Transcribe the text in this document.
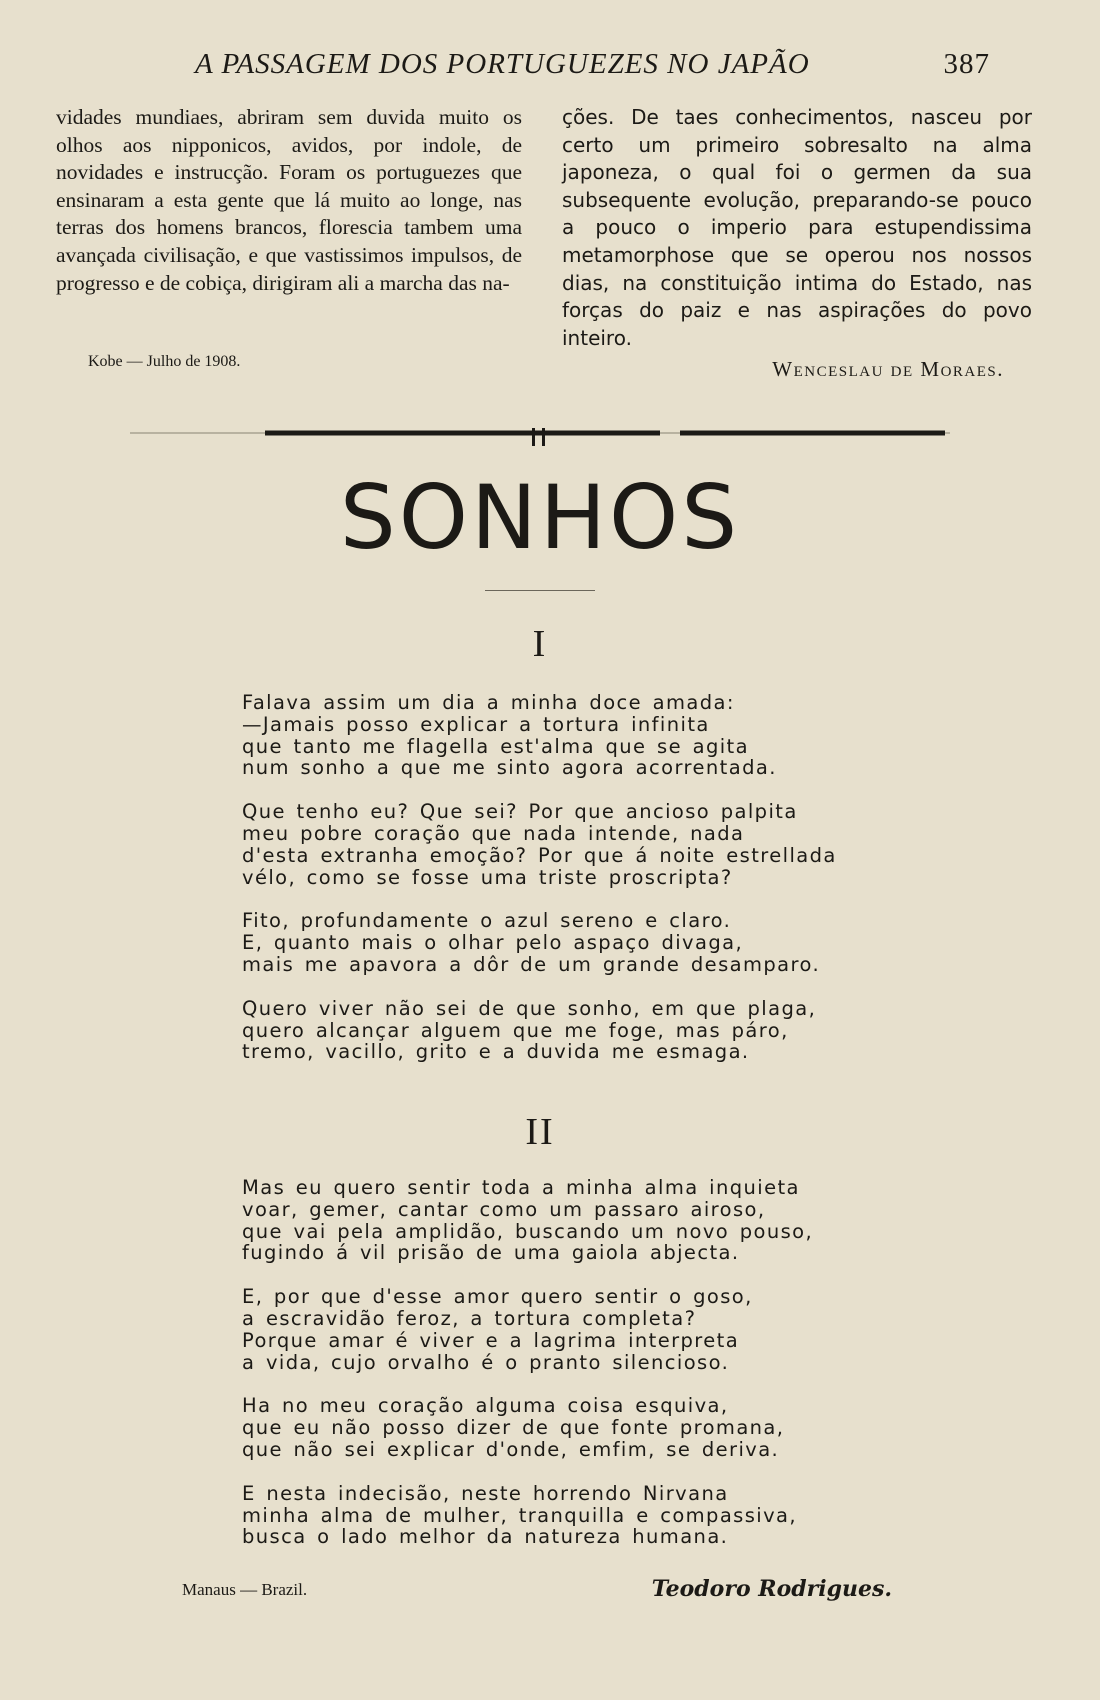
A PASSAGEM DOS PORTUGUEZES NO JAPÃO	387

vidades mundiaes, abriram sem duvida muito os olhos aos nipponicos, avidos, por indole, de novidades e instrucção. Foram os portuguezes que ensinaram a esta gente que lá muito ao longe, nas terras dos homens brancos, florescia tambem uma avançada civilisação, e que vastissimos impulsos, de progresso e de cobiça, dirigiram ali a marcha das na-

ções. De taes conhecimentos, nasceu por certo um primeiro sobresalto na alma japoneza, o qual foi o germen da sua subsequente evolução, preparando-se pouco a pouco o imperio para estupendissima metamorphose que se operou nos nossos dias, na constituição intima do Estado, nas forças do paiz e nas aspirações do povo inteiro.

Kobe — Julho de 1908.	Wenceslau de Moraes.
SONHOS
I
Falava assim um dia a minha doce amada:
—Jamais posso explicar a tortura infinita
que tanto me flagella est'alma que se agita
num sonho a que me sinto agora acorrentada.
Que tenho eu? Que sei? Por que ancioso palpita
meu pobre coração que nada intende, nada
d'esta extranha emoção? Por que á noite estrellada
vélo, como se fosse uma triste proscripta?
Fito, profundamente o azul sereno e claro.
E, quanto mais o olhar pelo aspaço divaga,
mais me apavora a dôr de um grande desamparo.
Quero viver não sei de que sonho, em que plaga,
quero alcançar alguem que me foge, mas páro,
tremo, vacillo, grito e a duvida me esmaga.
II
Mas eu quero sentir toda a minha alma inquieta
voar, gemer, cantar como um passaro airoso,
que vai pela amplidão, buscando um novo pouso,
fugindo á vil prisão de uma gaiola abjecta.
E, por que d'esse amor quero sentir o goso,
a escravidão feroz, a tortura completa?
Porque amar é viver e a lagrima interpreta
a vida, cujo orvalho é o pranto silencioso.
Ha no meu coração alguma coisa esquiva,
que eu não posso dizer de que fonte promana,
que não sei explicar d'onde, emfim, se deriva.
E nesta indecisão, neste horrendo Nirvana
minha alma de mulher, tranquilla e compassiva,
busca o lado melhor da natureza humana.
Manaus — Brazil.	Teodoro Rodrigues.
